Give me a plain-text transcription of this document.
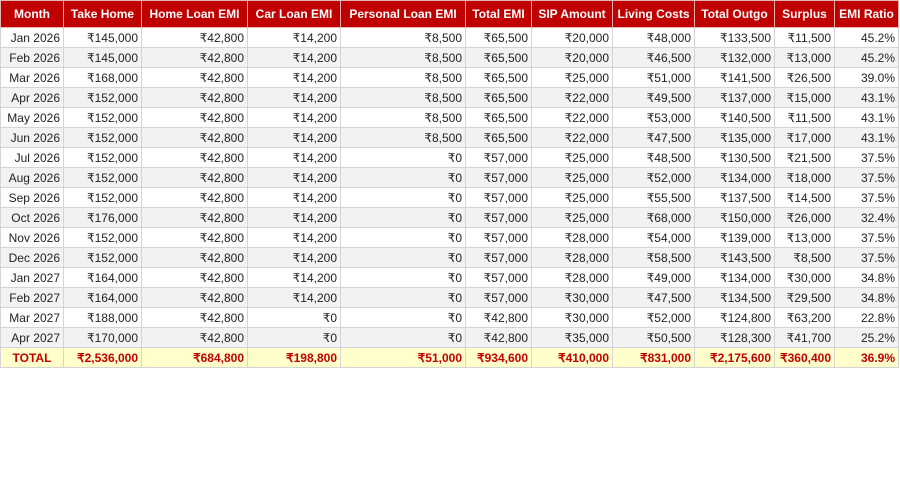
Month	Take Home	Home Loan EMI	Car Loan EMI	Personal Loan EMI	Total EMI	SIP Amount	Living Costs	Total Outgo	Surplus	EMI Ratio
Jan 2026	₹145,000	₹42,800	₹14,200	₹8,500	₹65,500	₹20,000	₹48,000	₹133,500	₹11,500	45.2%
Feb 2026	₹145,000	₹42,800	₹14,200	₹8,500	₹65,500	₹20,000	₹46,500	₹132,000	₹13,000	45.2%
Mar 2026	₹168,000	₹42,800	₹14,200	₹8,500	₹65,500	₹25,000	₹51,000	₹141,500	₹26,500	39.0%
Apr 2026	₹152,000	₹42,800	₹14,200	₹8,500	₹65,500	₹22,000	₹49,500	₹137,000	₹15,000	43.1%
May 2026	₹152,000	₹42,800	₹14,200	₹8,500	₹65,500	₹22,000	₹53,000	₹140,500	₹11,500	43.1%
Jun 2026	₹152,000	₹42,800	₹14,200	₹8,500	₹65,500	₹22,000	₹47,500	₹135,000	₹17,000	43.1%
Jul 2026	₹152,000	₹42,800	₹14,200	₹0	₹57,000	₹25,000	₹48,500	₹130,500	₹21,500	37.5%
Aug 2026	₹152,000	₹42,800	₹14,200	₹0	₹57,000	₹25,000	₹52,000	₹134,000	₹18,000	37.5%
Sep 2026	₹152,000	₹42,800	₹14,200	₹0	₹57,000	₹25,000	₹55,500	₹137,500	₹14,500	37.5%
Oct 2026	₹176,000	₹42,800	₹14,200	₹0	₹57,000	₹25,000	₹68,000	₹150,000	₹26,000	32.4%
Nov 2026	₹152,000	₹42,800	₹14,200	₹0	₹57,000	₹28,000	₹54,000	₹139,000	₹13,000	37.5%
Dec 2026	₹152,000	₹42,800	₹14,200	₹0	₹57,000	₹28,000	₹58,500	₹143,500	₹8,500	37.5%
Jan 2027	₹164,000	₹42,800	₹14,200	₹0	₹57,000	₹28,000	₹49,000	₹134,000	₹30,000	34.8%
Feb 2027	₹164,000	₹42,800	₹14,200	₹0	₹57,000	₹30,000	₹47,500	₹134,500	₹29,500	34.8%
Mar 2027	₹188,000	₹42,800	₹0	₹0	₹42,800	₹30,000	₹52,000	₹124,800	₹63,200	22.8%
Apr 2027	₹170,000	₹42,800	₹0	₹0	₹42,800	₹35,000	₹50,500	₹128,300	₹41,700	25.2%
TOTAL	₹2,536,000	₹684,800	₹198,800	₹51,000	₹934,600	₹410,000	₹831,000	₹2,175,600	₹360,400	36.9%
